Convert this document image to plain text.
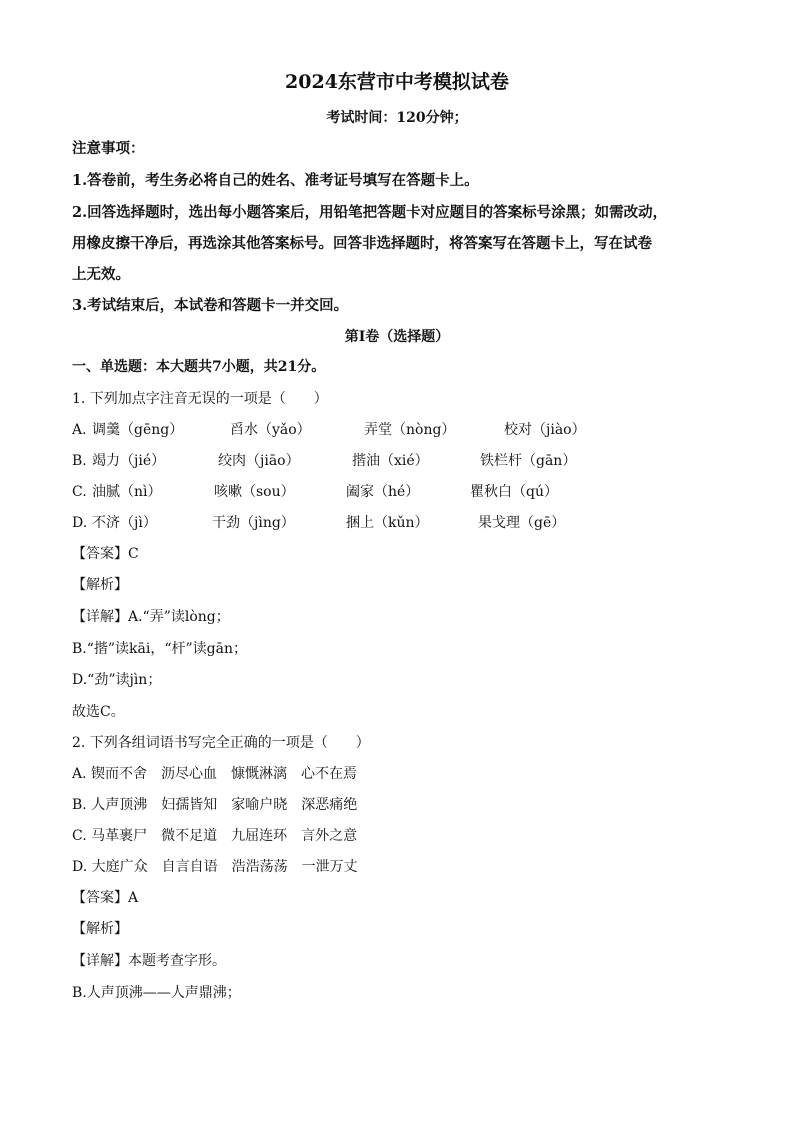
2024东营市中考模拟试卷
考试时间：120分钟；
注意事项：
1.答卷前，考生务必将自己的姓名、准考证号填写在答题卡上。
2.回答选择题时，选出每小题答案后，用铅笔把答题卡对应题目的答案标号涂黑；如需改动，
用橡皮擦干净后，再选涂其他答案标号。回答非选择题时，将答案写在答题卡上，写在试卷
上无效。
3.考试结束后，本试卷和答题卡一并交回。
第I卷（选择题）
一、单选题：本大题共7小题，共21分。
1. 下列加点字注音无误的一项是（　　）
A. 调羹（gēng）	舀水（yǎo）	弄堂（nòng）	校对（jiào）
B. 竭力（jié）	绞肉（jiāo）	揩油（xié）	铁栏杆（gān）
C. 油腻（nì）	咳嗽（sou）	阖家（hé）	瞿秋白（qú）
D. 不济（jì）	干劲（jìng）	捆上（kǔn）	果戈理（gē）
【答案】C
【解析】
【详解】A.“弄”读lòng；
B.“揩”读kāi，“杆”读gān；
D.“劲”读jìn；
故选C。
2. 下列各组词语书写完全正确的一项是（　　）
A. 锲而不舍　沥尽心血　慷慨淋漓　心不在焉
B. 人声顶沸　妇孺皆知　家喻户晓　深恶痛绝
C. 马革裹尸　微不足道　九屈连环　言外之意
D. 大庭广众　自言自语　浩浩荡荡　一泄万丈
【答案】A
【解析】
【详解】本题考查字形。
B.人声顶沸——人声鼎沸；
